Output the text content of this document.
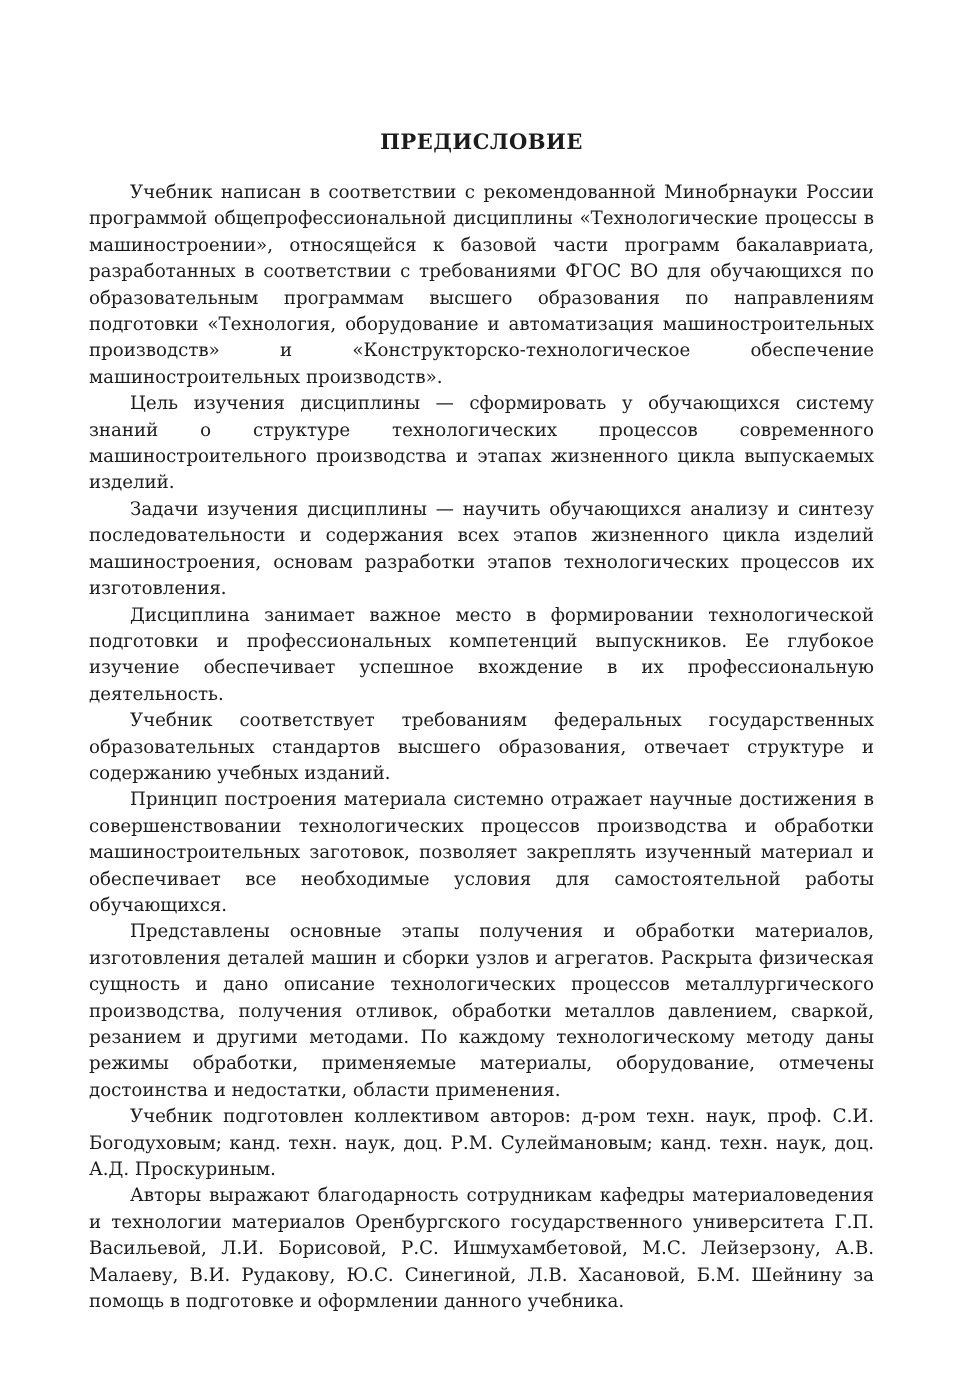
ПРЕДИСЛОВИЕ

Учебник написан в соответствии с рекомендованной Минобрнауки России программой общепрофессиональной дисциплины «Технологические процессы в машиностроении», относящейся к базовой части программ бакалавриата, разработанных в соответствии с требованиями ФГОС ВО для обучающихся по образовательным программам высшего образования по направлениям подготовки «Технология, оборудование и автоматизация машиностроительных производств» и «Конструкторско-технологическое обеспечение машиностроительных производств».

Цель изучения дисциплины — сформировать у обучающихся систему знаний о структуре технологических процессов современного машиностроительного производства и этапах жизненного цикла выпускаемых изделий.

Задачи изучения дисциплины — научить обучающихся анализу и синтезу последовательности и содержания всех этапов жизненного цикла изделий машиностроения, основам разработки этапов технологических процессов их изготовления.

Дисциплина занимает важное место в формировании технологической подготовки и профессиональных компетенций выпускников. Ее глубокое изучение обеспечивает успешное вхождение в их профессиональную деятельность.

Учебник соответствует требованиям федеральных государственных образовательных стандартов высшего образования, отвечает структуре и содержанию учебных изданий.

Принцип построения материала системно отражает научные достижения в совершенствовании технологических процессов производства и обработки машиностроительных заготовок, позволяет закреплять изученный материал и обеспечивает все необходимые условия для самостоятельной работы обучающихся.

Представлены основные этапы получения и обработки материалов, изготовления деталей машин и сборки узлов и агрегатов. Раскрыта физическая сущность и дано описание технологических процессов металлургического производства, получения отливок, обработки металлов давлением, сваркой, резанием и другими методами. По каждому технологическому методу даны режимы обработки, применяемые материалы, оборудование, отмечены достоинства и недостатки, области применения.

Учебник подготовлен коллективом авторов: д-ром техн. наук, проф. С.И. Богодуховым; канд. техн. наук, доц. Р.М. Сулеймановым; канд. техн. наук, доц. А.Д. Проскуриным.

Авторы выражают благодарность сотрудникам кафедры материаловедения и технологии материалов Оренбургского государственного университета Г.П. Васильевой, Л.И. Борисовой, Р.С. Ишмухамбетовой, М.С. Лейзерзону, А.В. Малаеву, В.И. Рудакову, Ю.С. Синегиной, Л.В. Хасановой, Б.М. Шейнину за помощь в подготовке и оформлении данного учебника.
